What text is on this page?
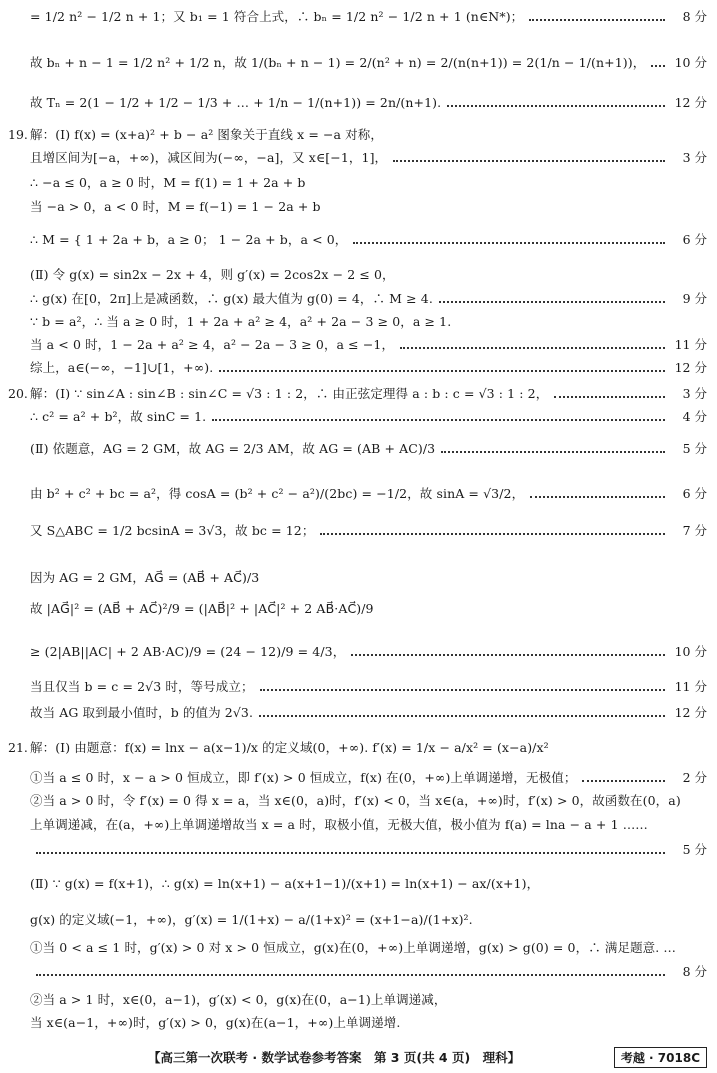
= 1/2 n² − 1/2 n + 1；又 b₁ = 1 符合上式，∴ bₙ = 1/2 n² − 1/2 n + 1 (n∈N*)；	8 分
故 bₙ + n − 1 = 1/2 n² + 1/2 n，故 1/(bₙ + n − 1) = 2/(n² + n) = 2/(n(n+1)) = 2(1/n − 1/(n+1))， 10 分
故 Tₙ = 2(1 − 1/2 + 1/2 − 1/3 + … + 1/n − 1/(n+1)) = 2n/(n+1).	12 分
19. 解：(Ⅰ) f(x) = (x+a)² + b − a² 图象关于直线 x = −a 对称，
且增区间为[−a，+∞)，减区间为(−∞，−a]，又 x∈[−1，1]，	3 分
∴ −a ≤ 0，a ≥ 0 时，M = f(1) = 1 + 2a + b
当 −a > 0，a < 0 时，M = f(−1) = 1 − 2a + b
∴ M = { 1 + 2a + b，a ≥ 0； 1 − 2a + b，a < 0，	6 分
(Ⅱ) 令 g(x) = sin2x − 2x + 4，则 g′(x) = 2cos2x − 2 ≤ 0，
∴ g(x) 在[0，2π]上是减函数，∴ g(x) 最大值为 g(0) = 4，∴ M ≥ 4.	9 分
∵ b = a²，∴ 当 a ≥ 0 时，1 + 2a + a² ≥ 4，a² + 2a − 3 ≥ 0，a ≥ 1.
当 a < 0 时，1 − 2a + a² ≥ 4，a² − 2a − 3 ≥ 0，a ≤ −1，	11 分
综上，a∈(−∞，−1]∪[1，+∞).	12 分
20. 解：(Ⅰ) ∵ sin∠A : sin∠B : sin∠C = √3 : 1 : 2，∴ 由正弦定理得 a : b : c = √3 : 1 : 2，	3 分
∴ c² = a² + b²，故 sinC = 1.	4 分
(Ⅱ) 依题意，AG = 2 GM，故 AG = 2/3 AM，故 AG = (AB + AC)/3	5 分
由 b² + c² + bc = a²，得 cosA = (b² + c² − a²)/(2bc) = −1/2，故 sinA = √3/2，	6 分
又 S△ABC = 1/2 bcsinA = 3√3，故 bc = 12；	7 分
因为 AG = 2 GM，AG⃗ = (AB⃗ + AC⃗)/3
故 |AG⃗|² = (AB⃗ + AC⃗)²/9 = (|AB⃗|² + |AC⃗|² + 2 AB⃗·AC⃗)/9
≥ (2|AB||AC| + 2 AB·AC)/9 = (24 − 12)/9 = 4/3，	10 分
当且仅当 b = c = 2√3 时，等号成立；	11 分
故当 AG 取到最小值时，b 的值为 2√3.	12 分
21. 解：(Ⅰ) 由题意：f(x) = lnx − a(x−1)/x 的定义域(0，+∞). f′(x) = 1/x − a/x² = (x−a)/x²
①当 a ≤ 0 时，x − a > 0 恒成立，即 f′(x) > 0 恒成立，f(x) 在(0，+∞)上单调递增，无极值；	2 分
②当 a > 0 时，令 f′(x) = 0 得 x = a，当 x∈(0，a)时，f′(x) < 0，当 x∈(a，+∞)时，f′(x) > 0，故函数在(0，a)
上单调递减，在(a，+∞)上单调递增故当 x = a 时，取极小值，无极大值，极小值为 f(a) = lna − a + 1 ……
5 分
(Ⅱ) ∵ g(x) = f(x+1)，∴ g(x) = ln(x+1) − a(x+1−1)/(x+1) = ln(x+1) − ax/(x+1)，
g(x) 的定义域(−1，+∞)，g′(x) = 1/(1+x) − a/(1+x)² = (x+1−a)/(1+x)².
①当 0 < a ≤ 1 时，g′(x) > 0 对 x > 0 恒成立，g(x)在(0，+∞)上单调递增，g(x) > g(0) = 0，∴ 满足题意. …
8 分
②当 a > 1 时，x∈(0，a−1)，g′(x) < 0，g(x)在(0，a−1)上单调递减，
当 x∈(a−1，+∞)时，g′(x) > 0，g(x)在(a−1，+∞)上单调递增.
【高三第一次联考 · 数学试卷参考答案　第 3 页(共 4 页)　理科】	考越 · 7018C
